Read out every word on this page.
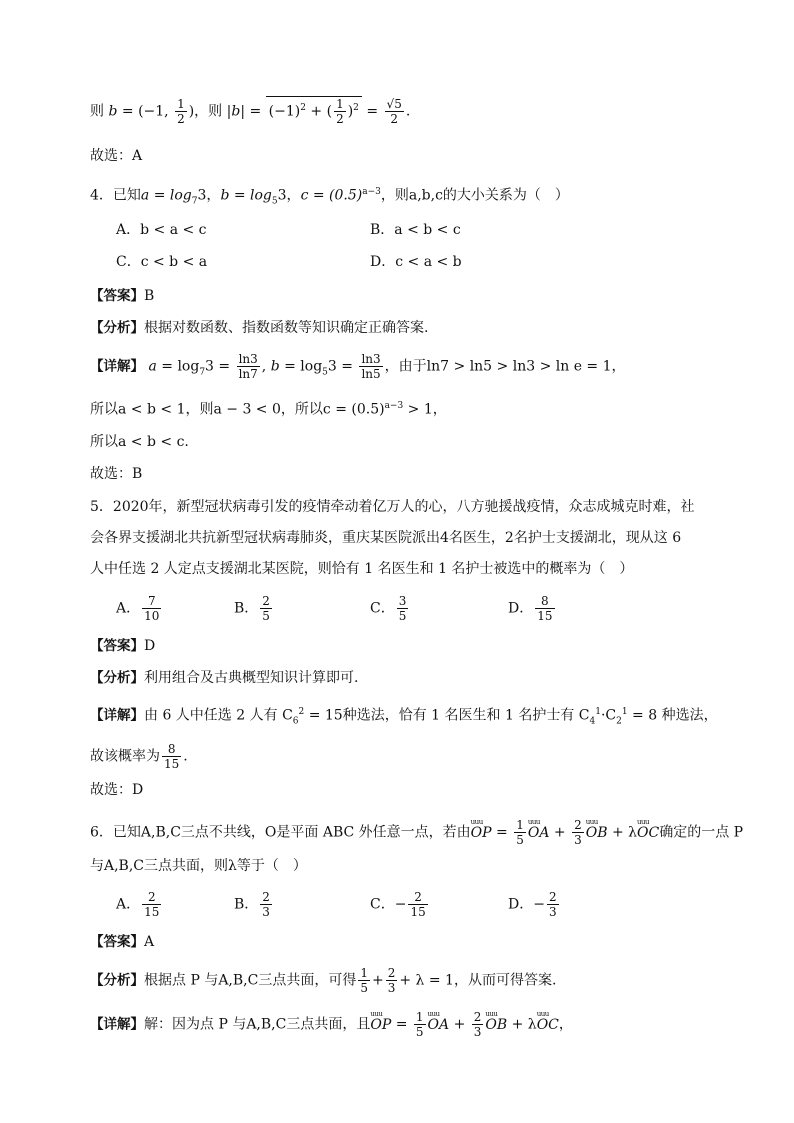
则 b = (−1, $\frac{1}{2}$ )，则 $|b| = (-1)^2$ + ( $\frac{1}{2} )^2 = \frac{√5}{2}$ .
故选：A
4．已知$a = \log_73$，$b = \log_53$，$c = (0.5)^{a-3}$，则a,b,c的大小关系为（　）
A．b < a < c	B．a < b < c
C．c < b < a	D．c < a < b
【答案】B
【分析】根据对数函数、指数函数等知识确定正确答案.
【详解】 $a = \log_73 = \frac{\ln 3}{\ln 7}$ , $b = \log_53 = \frac{\ln 3}{\ln 5}$ ，由于ln7 > ln5 > ln3 > ln e = 1，
所以a < b < 1，则a − 3 < 0，所以$c = (0.5)^{a-3} > 1$，
所以a < b < c.
故选：B
5．2020年，新型冠状病毒引发的疫情牵动着亿万人的心，八方驰援战疫情，众志成城克时难，社
会各界支援湖北共抗新型冠状病毒肺炎，重庆某医院派出4名医生，2名护士支援湖北，现从这 6
人中任选 2 人定点支援湖北某医院，则恰有 1 名医生和 1 名护士被选中的概率为（　）
A． $\frac{7}{10}$	B． $\frac{2}{5}$	C． $\frac{3}{5}$	D． $\frac{8}{15}$
【答案】D
【分析】利用组合及古典概型知识计算即可.
【详解】由 6 人中任选 2 人有 $C_6^2 = 15$种选法，恰有 1 名医生和 1 名护士有 $C_4^1\cdot C_2^1 = 8$ 种选法，
故该概率为 $\frac{8}{15}$ .
故选：D
6．已知A,B,C三点不共线，O是平面 ABC 外任意一点，若由uuu OP = $\frac{1}{5}$ uuu OA + $\frac{2}{3}$ uuu OB + λuuu OC确定的一点 P
与A,B,C三点共面，则λ等于（　）
A． $\frac{2}{15}$	B． $\frac{2}{3}$	C．− $\frac{2}{15}$	D．− $\frac{2}{3}$
【答案】A
【分析】根据点 P 与A,B,C三点共面，可得 $\frac{1}{5} + \frac{2}{3} + \lambda = 1$，从而可得答案.
【详解】解：因为点 P 与A,B,C三点共面，且uuu OP = $\frac{1}{5}$ uuu OA + $\frac{2}{3}$ uuu OB + λuuu OC，
